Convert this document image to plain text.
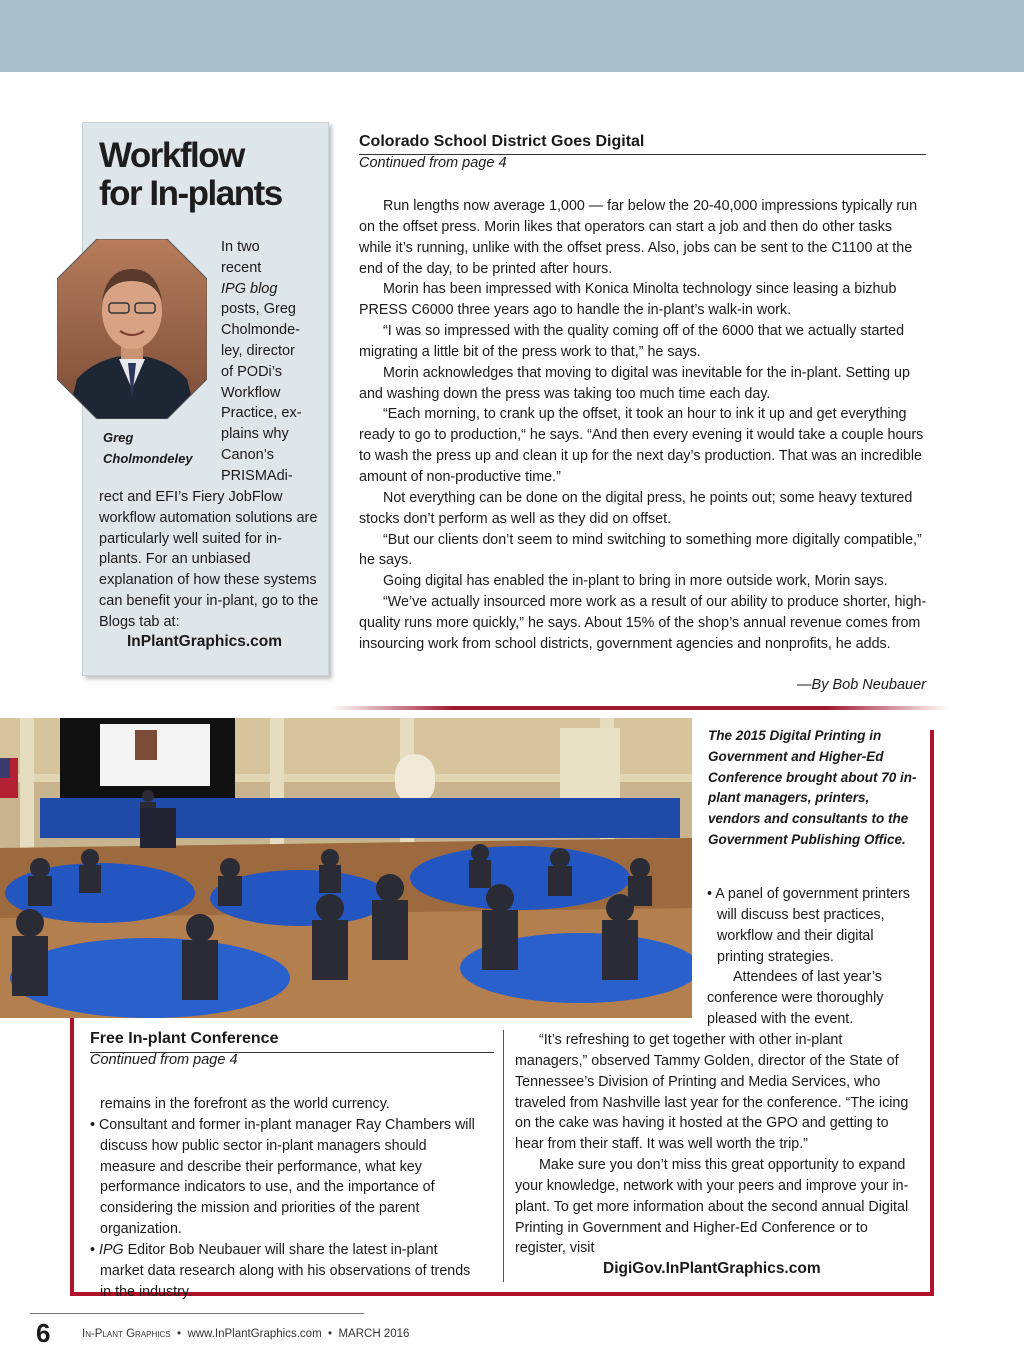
Workflow
for In-plants
In two
recent
IPG blog
posts, Greg
Cholmonde-
ley, director
of PODi’s
Workflow
Practice, ex-
plains why
Canon’s
PRISMAdi-
Greg
Cholmondeley
rect and EFI’s Fiery JobFlow workflow automation solutions are particularly well suited for in-plants. For an unbiased explanation of how these systems can benefit your in-plant, go to the Blogs tab at:
InPlantGraphics.com
Colorado School District Goes Digital
Continued from page 4

Run lengths now average 1,000 — far below the 20-40,000 impressions typically run on the offset press. Morin likes that operators can start a job and then do other tasks while it’s running, unlike with the offset press. Also, jobs can be sent to the C1100 at the end of the day, to be printed after hours.

Morin has been impressed with Konica Minolta technology since leasing a bizhub PRESS C6000 three years ago to handle the in-plant’s walk-in work.

“I was so impressed with the quality coming off of the 6000 that we actually started migrating a little bit of the press work to that,” he says.

Morin acknowledges that moving to digital was inevitable for the in-plant. Setting up and washing down the press was taking too much time each day.

“Each morning, to crank up the offset, it took an hour to ink it up and get everything ready to go to production,“ he says. “And then every evening it would take a couple hours to wash the press up and clean it up for the next day’s production. That was an incredible amount of non-productive time.”

Not everything can be done on the digital press, he points out; some heavy textured stocks don’t perform as well as they did on offset.

“But our clients don’t seem to mind switching to something more digitally compatible,” he says.

Going digital has enabled the in-plant to bring in more outside work, Morin says.

“We’ve actually insourced more work as a result of our ability to produce shorter, high-quality runs more quickly,” he says. About 15% of the shop’s annual revenue comes from insourcing work from school districts, government agencies and nonprofits, he adds.

—By Bob Neubauer
The 2015 Digital Printing in Government and Higher-Ed Conference brought about 70 in-plant managers, printers, vendors and consultants to the Government Publishing Office.

• A panel of government printers will discuss best practices, workflow and their digital printing strategies.

Attendees of last year’s conference were thoroughly pleased with the event.

Free In-plant Conference
Continued from page 4

remains in the forefront as the world currency.

• Consultant and former in-plant manager Ray Chambers will discuss how public sector in-plant managers should measure and describe their performance, what key performance indicators to use, and the importance of considering the mission and priorities of the parent organization.

• IPG Editor Bob Neubauer will share the latest in-plant market data research along with his observations of trends in the industry.

“It’s refreshing to get together with other in-plant managers,” observed Tammy Golden, director of the State of Tennessee’s Division of Printing and Media Services, who traveled from Nashville last year for the conference. “The icing on the cake was having it hosted at the GPO and getting to hear from their staff. It was well worth the trip.”

Make sure you don’t miss this great opportunity to expand your knowledge, network with your peers and improve your in-plant. To get more information about the second annual Digital Printing in Government and Higher-Ed Conference or to register, visit

DigiGov.InPlantGraphics.com
6	In-Plant Graphics • www.InPlantGraphics.com • MARCH 2016
